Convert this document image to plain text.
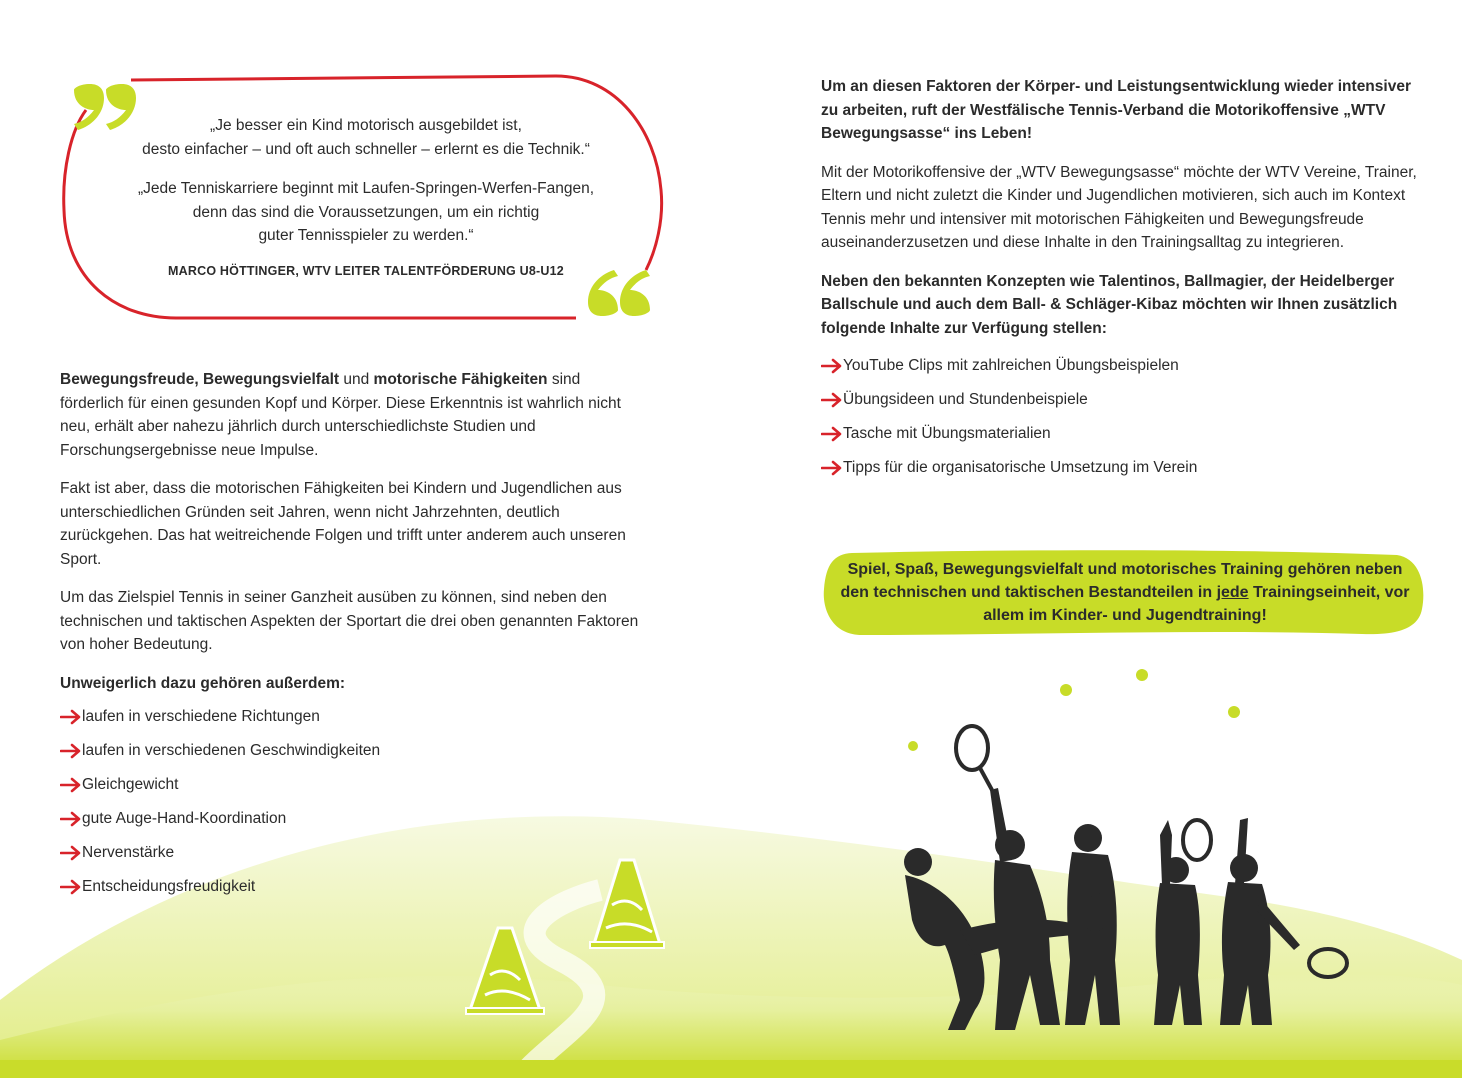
„Je besser ein Kind motorisch ausgebildet ist,
desto einfacher – und oft auch schneller – erlernt es die Technik.“
„Jede Tenniskarriere beginnt mit Laufen-Springen-Werfen-Fangen,
denn das sind die Voraussetzungen, um ein richtig
guter Tennisspieler zu werden.“
MARCO HÖTTINGER, WTV LEITER TALENTFÖRDERUNG U8-U12

Bewegungsfreude, Bewegungsvielfalt und motorische Fähigkeiten sind förderlich für einen gesunden Kopf und Körper. Diese Erkenntnis ist wahrlich nicht neu, erhält aber nahezu jährlich durch unterschiedlichste Studien und Forschungsergebnisse neue Impulse.

Fakt ist aber, dass die motorischen Fähigkeiten bei Kindern und Jugendlichen aus unterschiedlichen Gründen seit Jahren, wenn nicht Jahrzehnten, deutlich zurückgehen. Das hat weitreichende Folgen und trifft unter anderem auch unseren Sport.

Um das Zielspiel Tennis in seiner Ganzheit ausüben zu können, sind neben den technischen und taktischen Aspekten der Sportart die drei oben genannten Faktoren von hoher Bedeutung.

Unweigerlich dazu gehören außerdem:

laufen in verschiedene Richtungen
laufen in verschiedenen Geschwindigkeiten
Gleichgewicht
gute Auge-Hand-Koordination
Nervenstärke
Entscheidungsfreudigkeit

Um an diesen Faktoren der Körper- und Leistungsentwicklung wieder intensiver zu arbeiten, ruft der Westfälische Tennis-Verband die Motorikoffensive „WTV Bewegungsasse“ ins Leben!

Mit der Motorikoffensive der „WTV Bewegungsasse“ möchte der WTV Vereine, Trainer, Eltern und nicht zuletzt die Kinder und Jugendlichen motivieren, sich auch im Kontext Tennis mehr und intensiver mit motorischen Fähigkeiten und Bewegungsfreude auseinanderzusetzen und diese Inhalte in den Trainingsalltag zu integrieren.

Neben den bekannten Konzepten wie Talentinos, Ballmagier, der Heidelberger Ballschule und auch dem Ball- & Schläger-Kibaz möchten wir Ihnen zusätzlich folgende Inhalte zur Verfügung stellen:

YouTube Clips mit zahlreichen Übungsbeispielen
Übungsideen und Stundenbeispiele
Tasche mit Übungsmaterialien
Tipps für die organisatorische Umsetzung im Verein
Spiel, Spaß, Bewegungsvielfalt und motorisches Training gehören neben den technischen und taktischen Bestandteilen in jede Trainingseinheit, vor allem im Kinder- und Jugendtraining!
